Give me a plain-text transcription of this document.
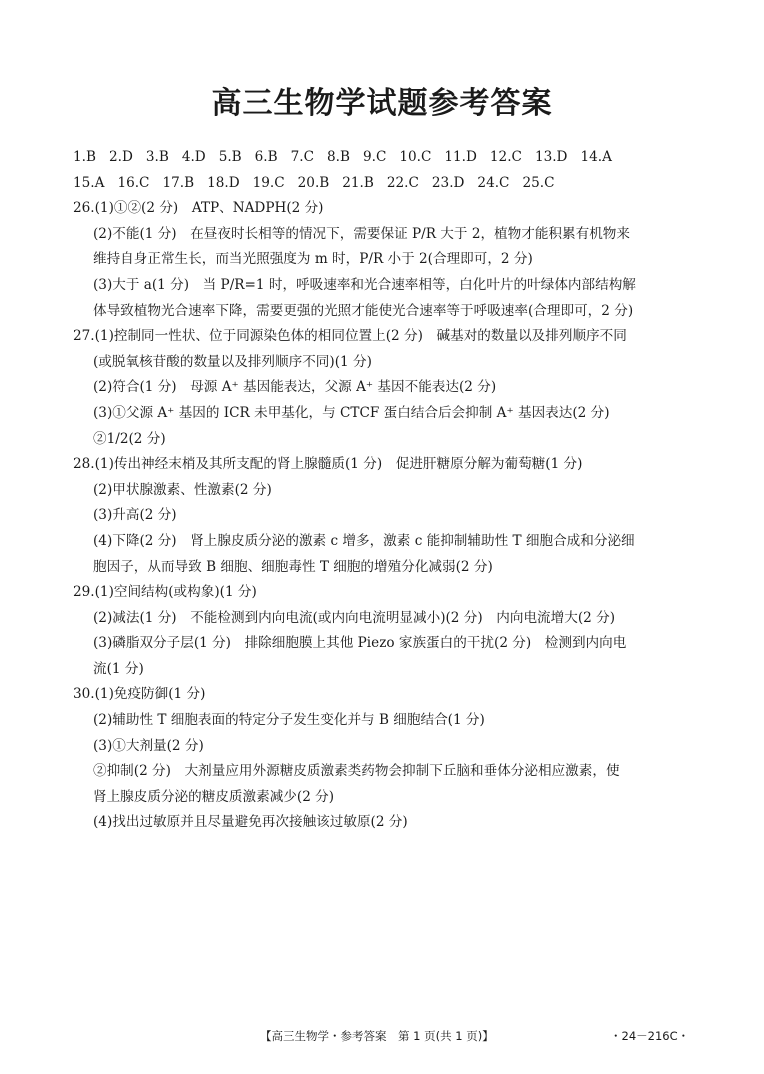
高三生物学试题参考答案
1.B 2.D 3.B 4.D 5.B 6.B 7.C 8.B 9.C 10.C 11.D 12.C 13.D 14.A
15.A 16.C 17.B 18.D 19.C 20.B 21.B 22.C 23.D 24.C 25.C
26.(1)①②(2 分)　ATP、NADPH(2 分)
(2)不能(1 分)　在昼夜时长相等的情况下，需要保证 P/R 大于 2，植物才能积累有机物来
维持自身正常生长，而当光照强度为 m 时，P/R 小于 2(合理即可，2 分)
(3)大于 a(1 分)　当 P/R=1 时，呼吸速率和光合速率相等，白化叶片的叶绿体内部结构解
体导致植物光合速率下降，需要更强的光照才能使光合速率等于呼吸速率(合理即可，2 分)
27.(1)控制同一性状、位于同源染色体的相同位置上(2 分)　碱基对的数量以及排列顺序不同
(或脱氧核苷酸的数量以及排列顺序不同)(1 分)
(2)符合(1 分)　母源 A⁺ 基因能表达，父源 A⁺ 基因不能表达(2 分)
(3)①父源 A⁺ 基因的 ICR 未甲基化，与 CTCF 蛋白结合后会抑制 A⁺ 基因表达(2 分)
②1/2(2 分)
28.(1)传出神经末梢及其所支配的肾上腺髓质(1 分)　促进肝糖原分解为葡萄糖(1 分)
(2)甲状腺激素、性激素(2 分)
(3)升高(2 分)
(4)下降(2 分)　肾上腺皮质分泌的激素 c 增多，激素 c 能抑制辅助性 T 细胞合成和分泌细
胞因子，从而导致 B 细胞、细胞毒性 T 细胞的增殖分化减弱(2 分)
29.(1)空间结构(或构象)(1 分)
(2)减法(1 分)　不能检测到内向电流(或内向电流明显减小)(2 分)　内向电流增大(2 分)
(3)磷脂双分子层(1 分)　排除细胞膜上其他 Piezo 家族蛋白的干扰(2 分)　检测到内向电
流(1 分)
30.(1)免疫防御(1 分)
(2)辅助性 T 细胞表面的特定分子发生变化并与 B 细胞结合(1 分)
(3)①大剂量(2 分)
②抑制(2 分)　大剂量应用外源糖皮质激素类药物会抑制下丘脑和垂体分泌相应激素，使
肾上腺皮质分泌的糖皮质激素减少(2 分)
(4)找出过敏原并且尽量避免再次接触该过敏原(2 分)
【高三生物学・参考答案　第 1 页(共 1 页)】	・24－216C・
